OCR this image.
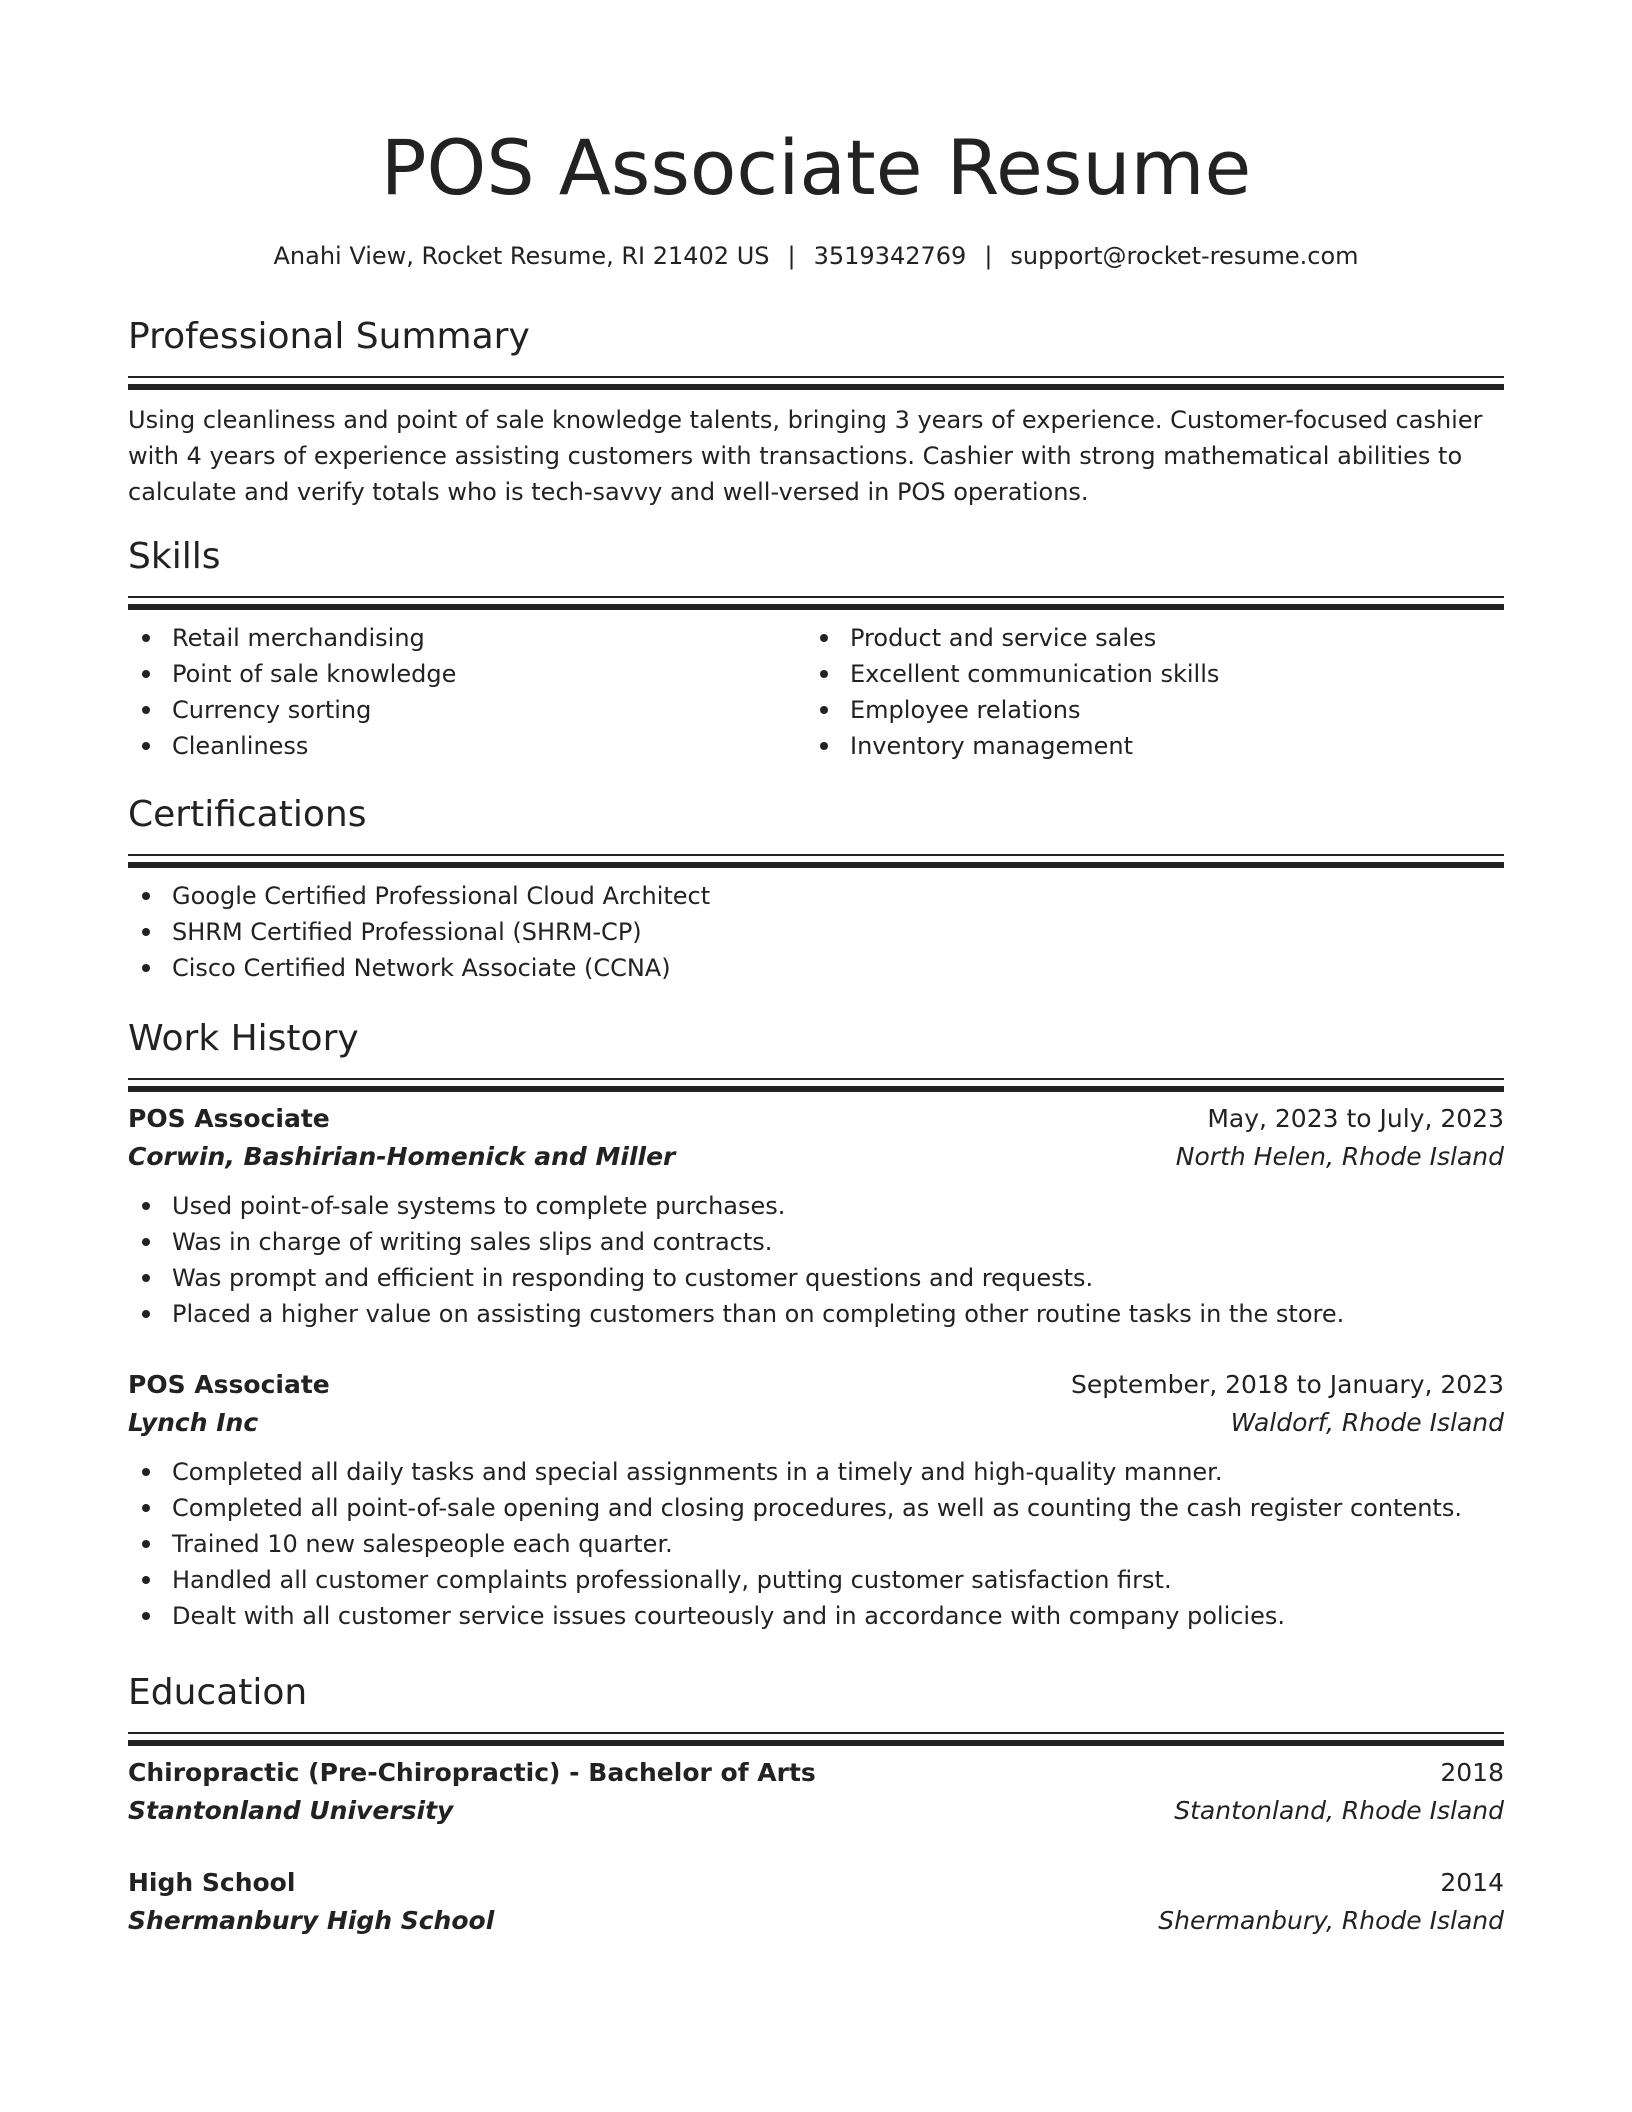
POS Associate Resume
Anahi View, Rocket Resume, RI 21402 US | 3519342769 | support@rocket-resume.com
Professional Summary
Using cleanliness and point of sale knowledge talents, bringing 3 years of experience. Customer-focused cashier with 4 years of experience assisting customers with transactions. Cashier with strong mathematical abilities to calculate and verify totals who is tech-savvy and well-versed in POS operations.
Skills
Retail merchandising
Point of sale knowledge
Currency sorting
Cleanliness
Product and service sales
Excellent communication skills
Employee relations
Inventory management
Certifications
Google Certified Professional Cloud Architect
SHRM Certified Professional (SHRM-CP)
Cisco Certified Network Associate (CCNA)
Work History
POS Associate	May, 2023 to July, 2023
Corwin, Bashirian-Homenick and Miller	North Helen, Rhode Island
Used point-of-sale systems to complete purchases.
Was in charge of writing sales slips and contracts.
Was prompt and efficient in responding to customer questions and requests.
Placed a higher value on assisting customers than on completing other routine tasks in the store.
POS Associate	September, 2018 to January, 2023
Lynch Inc	Waldorf, Rhode Island
Completed all daily tasks and special assignments in a timely and high-quality manner.
Completed all point-of-sale opening and closing procedures, as well as counting the cash register contents.
Trained 10 new salespeople each quarter.
Handled all customer complaints professionally, putting customer satisfaction first.
Dealt with all customer service issues courteously and in accordance with company policies.
Education
Chiropractic (Pre-Chiropractic) - Bachelor of Arts	2018
Stantonland University	Stantonland, Rhode Island
High School	2014
Shermanbury High School	Shermanbury, Rhode Island
